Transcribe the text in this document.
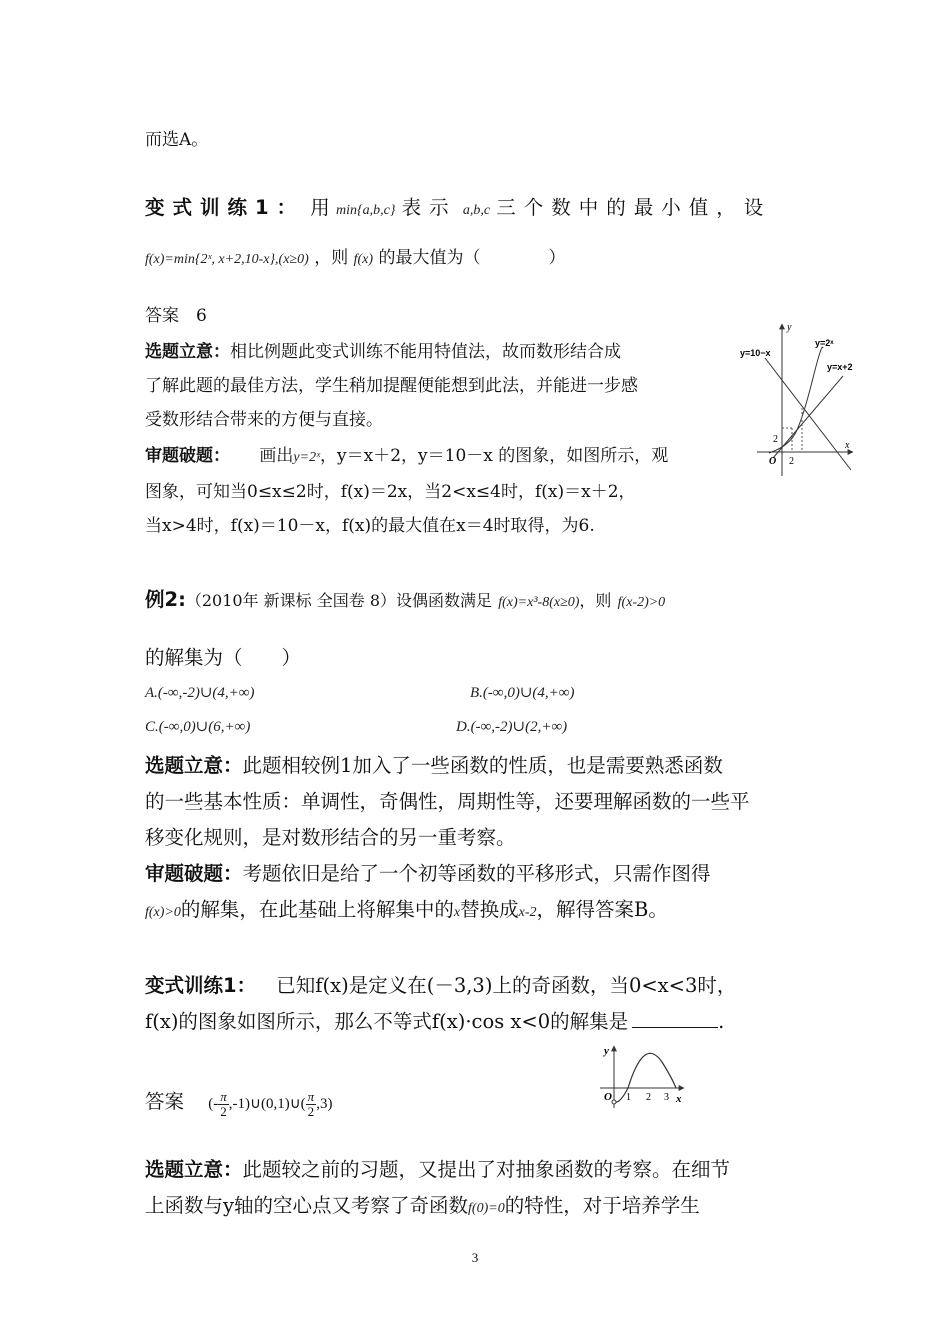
而选A。
变式训练1： 用 min{a,b,c} 表示 a,b,c 三个数中的最小值，设
f(x)=min{2ˣ, x+2,10-x},(x≥0) ，则 f(x) 的最大值为（　　　　）
答案　6
选题立意：相比例题此变式训练不能用特值法，故而数形结合成
了解此题的最佳方法，学生稍加提醒便能想到此法，并能进一步感
受数形结合带来的方便与直接。
审题破题： 画出y=2ˣ，y＝x＋2，y＝10－x 的图象，如图所示，观
图象，可知当0≤x≤2时，f(x)＝2x，当2<x≤4时，f(x)＝x＋2，
当x>4时，f(x)＝10－x，f(x)的最大值在x＝4时取得，为6.
y
x
O 2
2
y=10−x
y=2ˣ
y=x+2
例2:（2010年 新课标 全国卷 8）设偶函数满足 f(x)=x³-8(x≥0)，则 f(x-2)>0
的解集为（　　）
A.(-∞,-2)∪(4,+∞)	B.(-∞,0)∪(4,+∞)
C.(-∞,0)∪(6,+∞)	D.(-∞,-2)∪(2,+∞)
选题立意：此题相较例1加入了一些函数的性质，也是需要熟悉函数
的一些基本性质：单调性，奇偶性，周期性等，还要理解函数的一些平
移变化规则，是对数形结合的另一重考察。
审题破题：考题依旧是给了一个初等函数的平移形式，只需作图得
f(x)>0的解集，在此基础上将解集中的x替换成x-2，解得答案B。
变式训练1： 已知f(x)是定义在(－3,3)上的奇函数，当0<x<3时，
f(x)的图象如图所示，那么不等式f(x)·cos x<0的解集是	.
答案 (- $\frac{\pi}{2}$ ,-1)∪(0,1)∪( $\frac{\pi}{2} ,3$)
y
x
O 1 2 3
选题立意：此题较之前的习题，又提出了对抽象函数的考察。在细节
上函数与y轴的空心点又考察了奇函数f(0)=0的特性，对于培养学生
3
